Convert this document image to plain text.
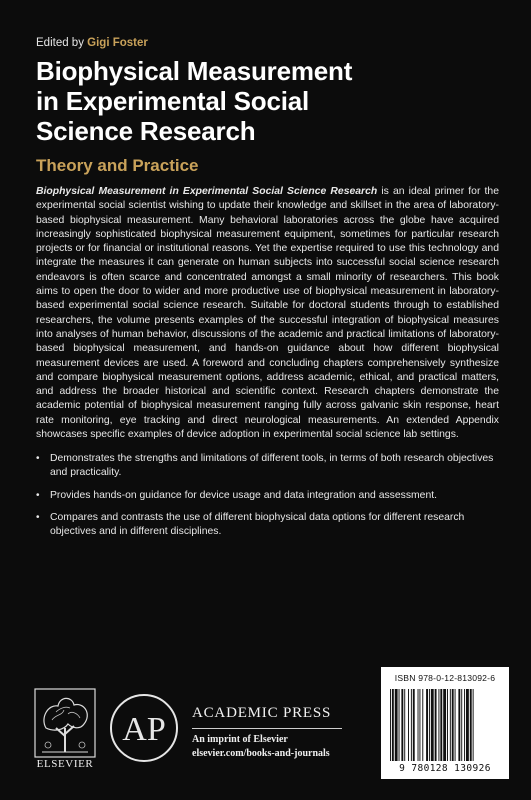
Edited by Gigi Foster
Biophysical Measurement
in Experimental Social
Science Research
Theory and Practice
Biophysical Measurement in Experimental Social Science Research is an ideal primer for the experimental social scientist wishing to update their knowledge and skillset in the area of laboratory-based biophysical measurement. Many behavioral laboratories across the globe have acquired increasingly sophisticated biophysical measurement equipment, sometimes for particular research projects or for financial or institutional reasons. Yet the expertise required to use this technology and integrate the measures it can generate on human subjects into successful social science research endeavors is often scarce and concentrated amongst a small minority of researchers. This book aims to open the door to wider and more productive use of biophysical measurement in laboratory-based experimental social science research. Suitable for doctoral students through to established researchers, the volume presents examples of the successful integration of biophysical measures into analyses of human behavior, discussions of the academic and practical limitations of laboratory-based biophysical measurement, and hands-on guidance about how different biophysical measurement devices are used. A foreword and concluding chapters comprehensively synthesize and compare biophysical measurement options, address academic, ethical, and practical matters, and address the broader historical and scientific context. Research chapters demonstrate the academic potential of biophysical measurement ranging fully across galvanic skin response, heart rate monitoring, eye tracking and direct neurological measurements. An extended Appendix showcases specific examples of device adoption in experimental social science lab settings.
• Demonstrates the strengths and limitations of different tools, in terms of both research objectives and practicality.
• Provides hands-on guidance for device usage and data integration and assessment.
• Compares and contrasts the use of different biophysical data options for different research objectives and in different disciplines.
ELSEVIER
AP ACADEMIC PRESS
An imprint of Elsevier
elsevier.com/books-and-journals
ISBN 978-0-12-813092-6
9 780128 130926
